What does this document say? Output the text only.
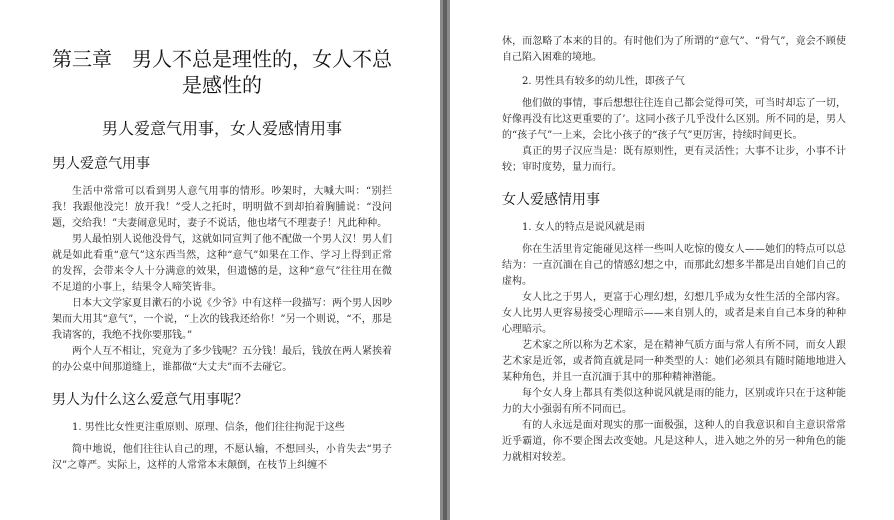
第三章　男人不总是理性的，女人不总是感性的
男人爱意气用事，女人爱感情用事
男人爱意气用事

生活中常常可以看到男人意气用事的情形。吵架时，大喊大叫：“别拦我！我跟他没完！放开我！”受人之托时，明明做不到却拍着胸脯说：“没问题，交给我！”夫妻闹意见时，妻子不说话，他也堵气不理妻子！凡此种种。

男人最怕别人说他没骨气，这就如同宣判了他不配做一个男人汉！男人们就是如此看重“意气”这东西当然，这种“意气”如果在工作、学习上得到正常的发挥，会带来令人十分满意的效果，但遗憾的是，这种“意气”往往用在微不足道的小事上，结果令人啼笑皆非。

日本大文学家夏目漱石的小说《少爷》中有这样一段描写：两个男人因吵架而大用其“意气”，一个说，“上次的钱我还给你！”另一个则说，“不，那是我请客的，我绝不找你要那钱。”

两个人互不相让，究竟为了多少钱呢？五分钱！最后，钱放在两人紧挨着的办公桌中间那道缝上，谁都做“大丈夫”而不去碰它。

男人为什么这么爱意气用事呢？

1. 男性比女性更注重原则、原理、信条，他们往往拘泥于这些

简中地说，他们往往认自己的理，不愿认输，不想回头，小肯失去“男子汉”之尊严。实际上，这样的人常常本末颠倒，在枝节上纠缠不

休，而忽略了本来的目的。有时他们为了所谓的“意气”、“骨气”，竟会不顾使自己陷入困难的境地。

2. 男性具有较多的幼儿性，即孩子气

他们做的事情，事后想想往往连自己都会觉得可笑，可当时却忘了一切，好像再没有比这更重要的了’。这同小孩子几乎没什么区别。所不同的是，男人的“孩子气”一上来，会比小孩子的“孩子气”更厉害，持续时间更长。

真正的男子汉应当是：既有原则性，更有灵活性；大事不让步，小事不计较；审时度势，量力而行。

女人爱感情用事

1. 女人的特点是说风就是雨

你在生活里肯定能碰见这样一些叫人吃惊的傻女人——她们的特点可以总结为：一直沉湎在自己的情感幻想之中，而那此幻想多半都是出自她们自己的虚构。

女人比之于男人，更富于心理幻想，幻想几乎成为女性生活的全部内容。女人比男人更容易接受心理暗示——来自别人的，或者是来自自己本身的种种心理暗示。

艺术家之所以称为艺术家，是在精神气质方面与常人有所不同，而女人跟艺术家是近邻，或者简直就是同一种类型的人：她们必须具有随时随地地进入某种角色，并且一直沉湎于其中的那种精神潜能。

每个女人身上都具有类似这种说风就是雨的能力，区别或许只在于这种能力的大小强弱有所不同而已。

有的人永远是面对现实的那一面极强，这种人的自我意识和自主意识常常近乎霸道，你不要企图去改变她。凡是这种人，进入她之外的另一种角色的能力就相对较差。
